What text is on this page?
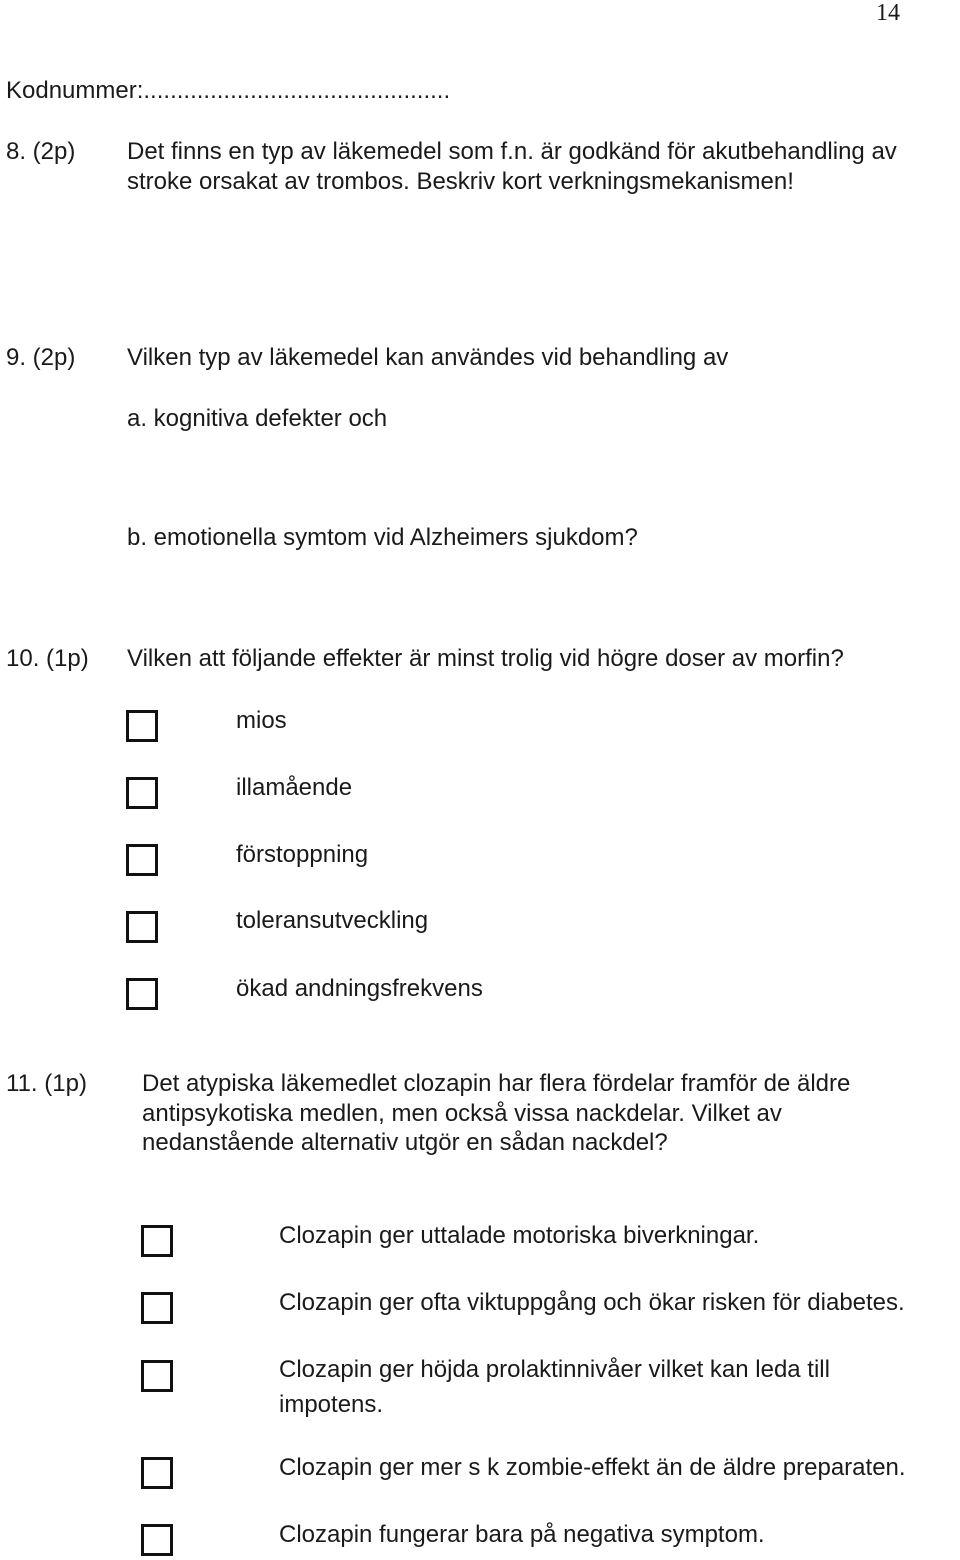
14
Kodnummer:..............................................
8. (2p) Det finns en typ av läkemedel som f.n. är godkänd för akutbehandling av
stroke orsakat av trombos. Beskriv kort verkningsmekanismen!
9. (2p) Vilken typ av läkemedel kan användes vid behandling av
a. kognitiva defekter och
b. emotionella symtom vid Alzheimers sjukdom?
10. (1p) Vilken att följande effekter är minst trolig vid högre doser av morfin?
mios
illamående
förstoppning
toleransutveckling
ökad andningsfrekvens
11. (1p) Det atypiska läkemedlet clozapin har flera fördelar framför de äldre
antipsykotiska medlen, men också vissa nackdelar. Vilket av
nedanstående alternativ utgör en sådan nackdel?
Clozapin ger uttalade motoriska biverkningar.
Clozapin ger ofta viktuppgång och ökar risken för diabetes.
Clozapin ger höjda prolaktinnivåer vilket kan leda till
impotens.
Clozapin ger mer s k zombie-effekt än de äldre preparaten.
Clozapin fungerar bara på negativa symptom.
